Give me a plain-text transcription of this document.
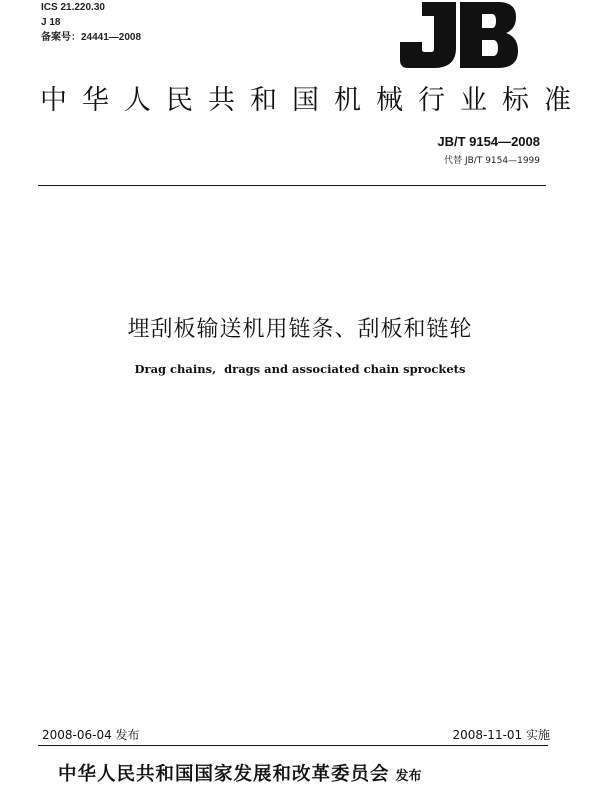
ICS 21.220.30
J 18
备案号：24441—2008
中华人民共和国机械行业标准
JB/T 9154—2008
代替 JB/T 9154—1999
埋刮板输送机用链条、刮板和链轮
Drag chains,  drags and associated chain sprockets
2008-06-04 发布	2008-11-01 实施
中华人民共和国国家发展和改革委员会 发布
